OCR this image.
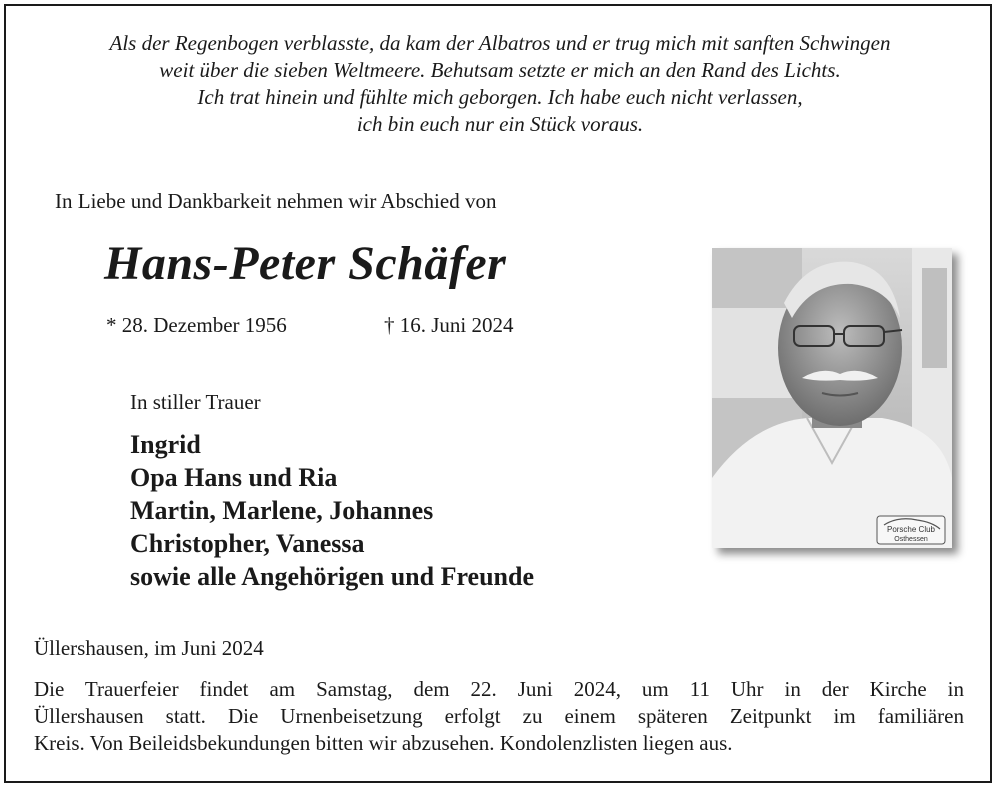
Als der Regenbogen verblasste, da kam der Albatros und er trug mich mit sanften Schwingen
weit über die sieben Weltmeere. Behutsam setzte er mich an den Rand des Lichts.
Ich trat hinein und fühlte mich geborgen. Ich habe euch nicht verlassen,
ich bin euch nur ein Stück voraus.
In Liebe und Dankbarkeit nehmen wir Abschied von
Hans-Peter Schäfer
* 28. Dezember 1956	† 16. Juni 2024
In stiller Trauer
Ingrid
Opa Hans und Ria
Martin, Marlene, Johannes
Christopher, Vanessa
sowie alle Angehörigen und Freunde
Porsche Club
Osthessen
Üllershausen, im Juni 2024
Die Trauerfeier findet am Samstag, dem 22. Juni 2024, um 11 Uhr in der Kirche in
Üllershausen statt. Die Urnenbeisetzung erfolgt zu einem späteren Zeitpunkt im familiären
Kreis. Von Beileidsbekundungen bitten wir abzusehen. Kondolenzlisten liegen aus.
